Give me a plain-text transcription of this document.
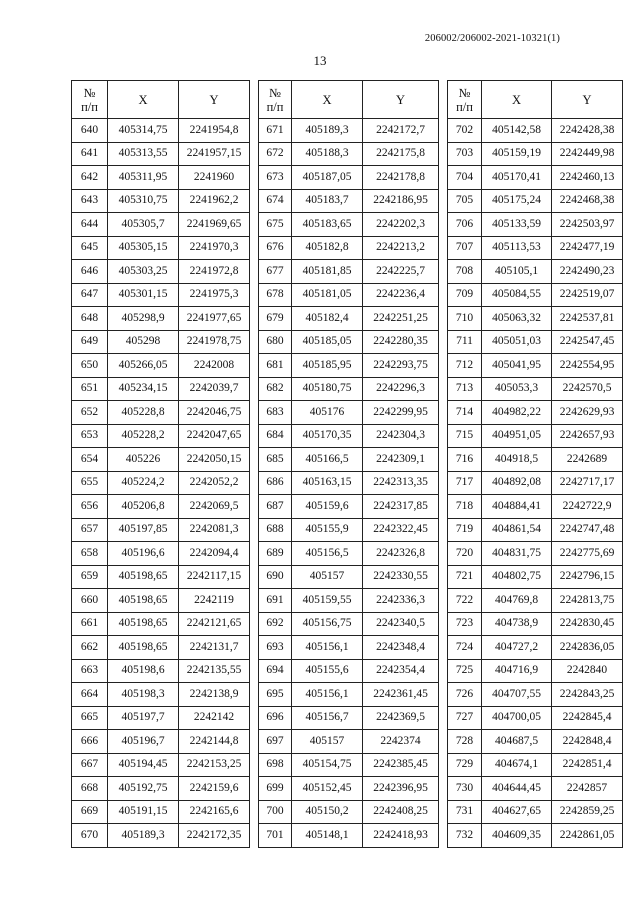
206002/206002-2021-10321(1)
13
№
п/п	X	Y
640	405314,75	2241954,8
641	405313,55	2241957,15
642	405311,95	2241960
643	405310,75	2241962,2
644	405305,7	2241969,65
645	405305,15	2241970,3
646	405303,25	2241972,8
647	405301,15	2241975,3
648	405298,9	2241977,65
649	405298	2241978,75
650	405266,05	2242008
651	405234,15	2242039,7
652	405228,8	2242046,75
653	405228,2	2242047,65
654	405226	2242050,15
655	405224,2	2242052,2
656	405206,8	2242069,5
657	405197,85	2242081,3
658	405196,6	2242094,4
659	405198,65	2242117,15
660	405198,65	2242119
661	405198,65	2242121,65
662	405198,65	2242131,7
663	405198,6	2242135,55
664	405198,3	2242138,9
665	405197,7	2242142
666	405196,7	2242144,8
667	405194,45	2242153,25
668	405192,75	2242159,6
669	405191,15	2242165,6
670	405189,3	2242172,35
№
п/п	X	Y
671	405189,3	2242172,7
672	405188,3	2242175,8
673	405187,05	2242178,8
674	405183,7	2242186,95
675	405183,65	2242202,3
676	405182,8	2242213,2
677	405181,85	2242225,7
678	405181,05	2242236,4
679	405182,4	2242251,25
680	405185,05	2242280,35
681	405185,95	2242293,75
682	405180,75	2242296,3
683	405176	2242299,95
684	405170,35	2242304,3
685	405166,5	2242309,1
686	405163,15	2242313,35
687	405159,6	2242317,85
688	405155,9	2242322,45
689	405156,5	2242326,8
690	405157	2242330,55
691	405159,55	2242336,3
692	405156,75	2242340,5
693	405156,1	2242348,4
694	405155,6	2242354,4
695	405156,1	2242361,45
696	405156,7	2242369,5
697	405157	2242374
698	405154,75	2242385,45
699	405152,45	2242396,95
700	405150,2	2242408,25
701	405148,1	2242418,93
№
п/п	X	Y
702	405142,58	2242428,38
703	405159,19	2242449,98
704	405170,41	2242460,13
705	405175,24	2242468,38
706	405133,59	2242503,97
707	405113,53	2242477,19
708	405105,1	2242490,23
709	405084,55	2242519,07
710	405063,32	2242537,81
711	405051,03	2242547,45
712	405041,95	2242554,95
713	405053,3	2242570,5
714	404982,22	2242629,93
715	404951,05	2242657,93
716	404918,5	2242689
717	404892,08	2242717,17
718	404884,41	2242722,9
719	404861,54	2242747,48
720	404831,75	2242775,69
721	404802,75	2242796,15
722	404769,8	2242813,75
723	404738,9	2242830,45
724	404727,2	2242836,05
725	404716,9	2242840
726	404707,55	2242843,25
727	404700,05	2242845,4
728	404687,5	2242848,4
729	404674,1	2242851,4
730	404644,45	2242857
731	404627,65	2242859,25
732	404609,35	2242861,05
